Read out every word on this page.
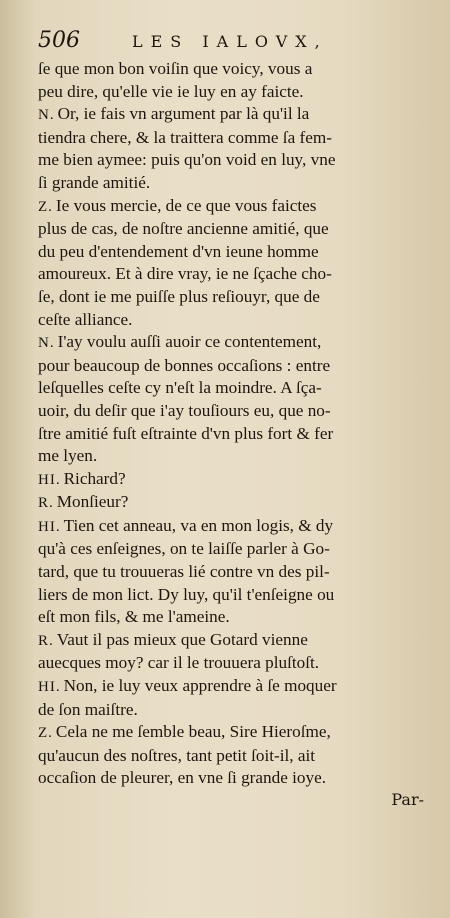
506	LES IALOVX,
ſe que mon bon voiſin que voicy, vous a
peu dire, qu'elle vie ie luy en ay faicte.
N. Or, ie fais vn argument par là qu'il la
tiendra chere, & la traittera comme ſa fem-
me bien aymee: puis qu'on void en luy, vne
ſi grande amitié.
Z. Ie vous mercie, de ce que vous faictes
plus de cas, de noſtre ancienne amitié, que
du peu d'entendement d'vn ieune homme
amoureux. Et à dire vray, ie ne ſçache cho-
ſe, dont ie me puiſſe plus reſiouyr, que de
ceſte alliance.
N. I'ay voulu auſſi auoir ce contentement,
pour beaucoup de bonnes occaſions : entre
leſquelles ceſte cy n'eſt la moindre. A ſça-
uoir, du deſir que i'ay touſiours eu, que no-
ſtre amitié fuſt eſtrainte d'vn plus fort & fer
me lyen.
HI. Richard?
R. Monſieur?
HI. Tien cet anneau, va en mon logis, & dy
qu'à ces enſeignes, on te laiſſe parler à Go-
tard, que tu trouueras lié contre vn des pil-
liers de mon lict. Dy luy, qu'il t'enſeigne ou
eſt mon fils, & me l'ameine.
R. Vaut il pas mieux que Gotard vienne
auecques moy? car il le trouuera pluſtoſt.
HI. Non, ie luy veux apprendre à ſe moquer
de ſon maiſtre.
Z. Cela ne me ſemble beau, Sire Hieroſme,
qu'aucun des noſtres, tant petit ſoit-il, ait
occaſion de pleurer, en vne ſi grande ioye.
Par-
